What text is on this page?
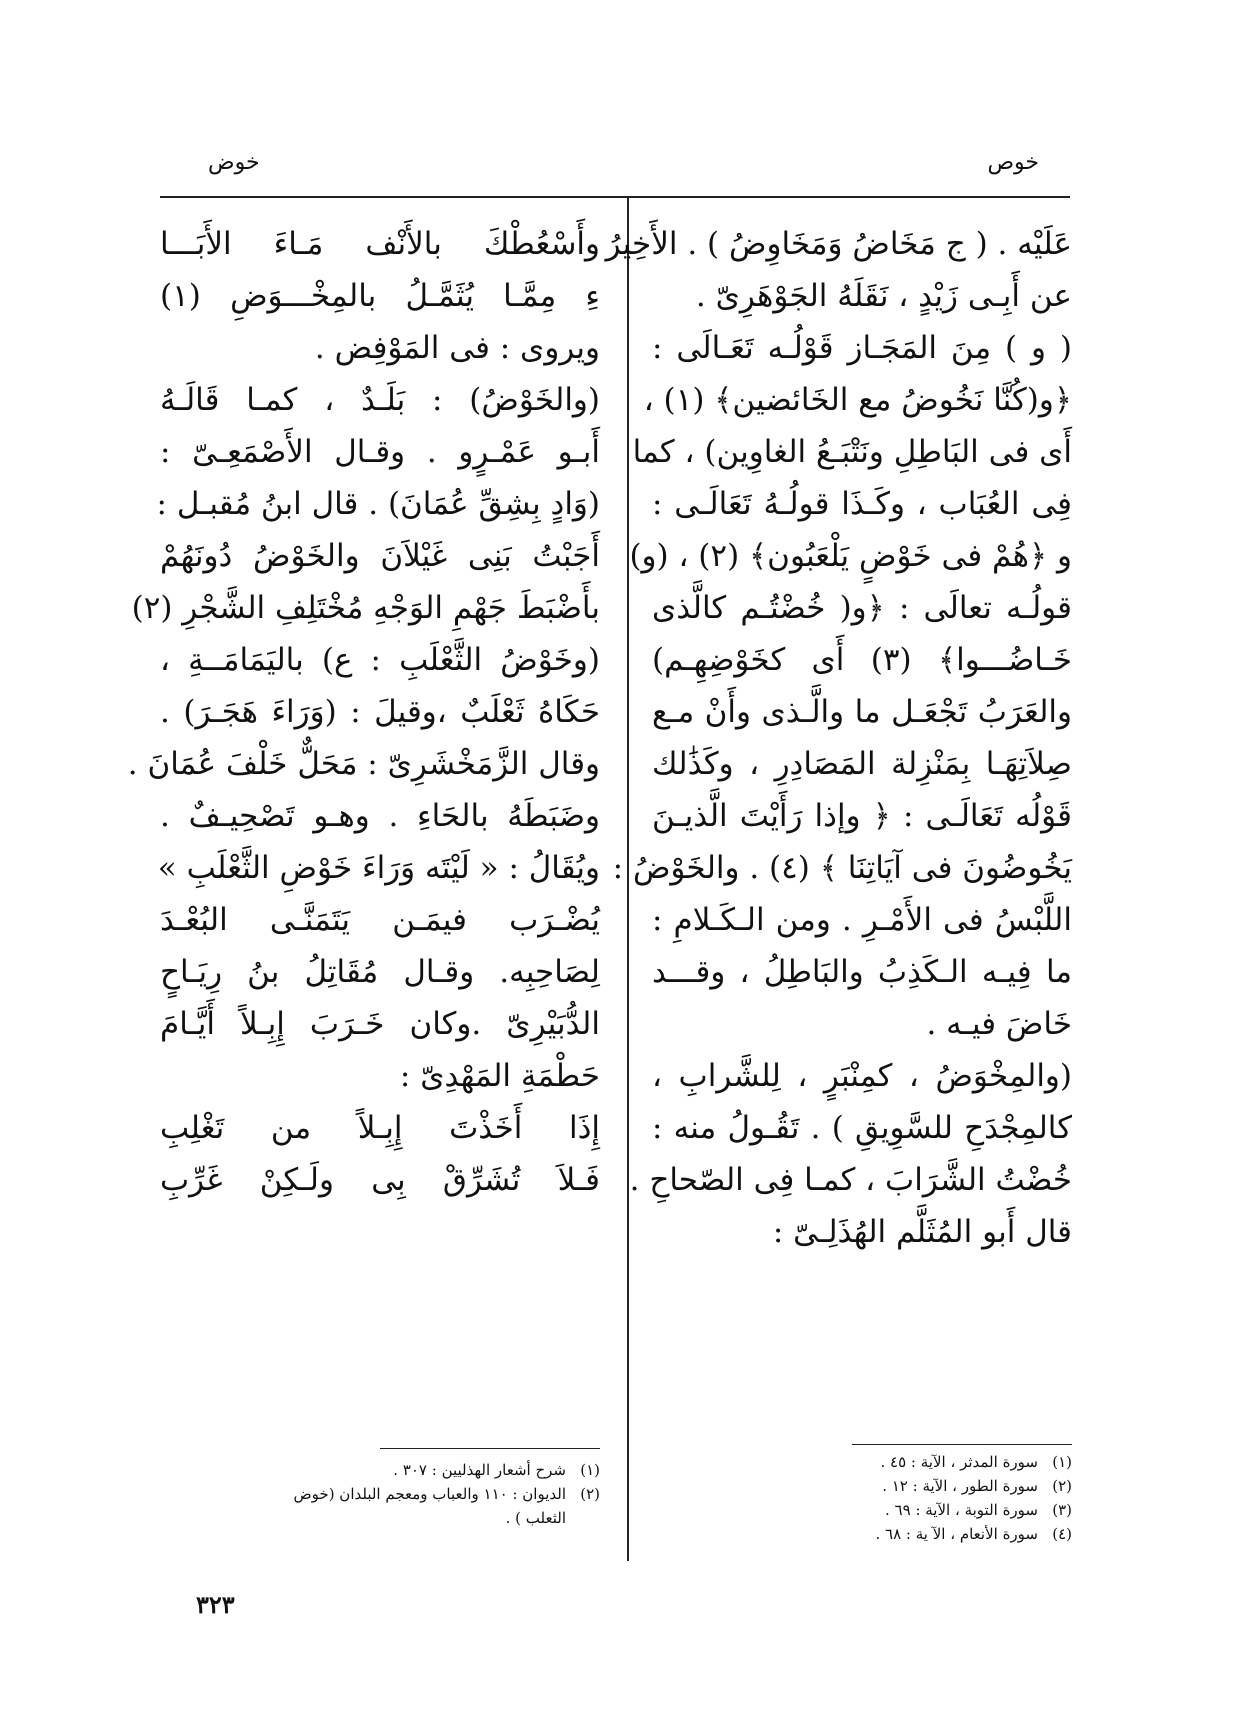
خوص
خوض
عَلَيْه . ( ج مَخَاضُ وَمَخَاوِضُ ) . الأَخِيرُ
عن أَبِـى زَيْدٍ ، نَقَلَهُ الجَوْهَرِىّ .
( و ) مِنَ المَجَـاز قَوْلُـه تَعَـالَى :
﴿و(كُنَّا نَخُوضُ مع الخَائضين﴾ (١) ،
أَى فى البَاطِلِ ونَتْبَـعُ الغاوِين) ، كما
فِى العُبَاب ، وكَـذَا قولُـهُ تَعَالَـى :
و ﴿هُمْ فى خَوْضٍ يَلْعَبُون﴾ (٢) ، (و)
قولُـه تعالَى : ﴿و( خُضْتُـم كالَّذى
خَـاضُـــوا﴾ (٣) أَى كخَوْضِهِـم)
والعَرَبُ تَجْعَـل ما والَّـذى وأَنْ مـع
صِلاَتِهَـا بِمَنْزِلة المَصَادِرِ ، وكَذَٰلك
قَوْلُه تَعَالَـى : ﴿ وإذا رَأَيْتَ الَّذيـنَ
يَخُوضُونَ فى آيَاتِنَا ﴾ (٤) . والخَوْضُ :
اللَّبْسُ فى الأَمْـرِ . ومن الـكَـلامِ :
ما فِيـه الـكَذِبُ والبَاطِلُ ، وقـــد
خَاضَ فيـه .
(والمِخْوَضُ ، كمِنْبَرٍ ، لِلشَّرابِ ،
كالمِجْدَحِ للسَّوِيقِ ) . تَقُـولُ منه :
خُضْتُ الشَّرَابَ ، كمـا فِى الصّحاحِ .
قال أَبو المُثَلَّم الهُذَلِـىّ :
(١)سورة المدثر ، الآية : ٤٥ .
(٢)سورة الطور ، الآية : ١٢ .
(٣)سورة التوبة ، الآية : ٦٩ .
(٤)سورة الأنعام ، الآ ية : ٦٨ .
وأَسْعُطْكَ بالأَنْف مَـاءَ الأَبَـــا
ءِ مِمَّـا يُثَمَّـلُ بالمِخْـــوَضِ (١)
ويروى : فى المَوْفِض .
(والخَوْضُ) : بَلَـدٌ ، كمـا قَالَـهُ
أَبـو عَمْـرٍو . وقـال الأَصْمَعِـىّ :
(وَادٍ بِشِقِّ عُمَانَ) . قال ابنُ مُقبـل :
أَجَبْتُ بَنِى غَيْلاَنَ والخَوْضُ دُونَهُمْ
بأَضْبَطَ جَهْمِ الوَجْهِ مُخْتَلِفِ الشَّجْرِ (٢)
(وخَوْضُ الثَّعْلَبِ : ع) باليَمَامَــةِ ،
حَكَاهُ ثَعْلَبٌ ،وقيلَ : (وَرَاءَ هَجَـرَ) .
وقال الزَّمَخْشَرِىّ : مَحَلٌّ خَلْفَ عُمَانَ .
وضَبَطَهُ بالحَاءِ . وهـو تَصْحِيـفٌ .
ويُقَالُ : « لَيْتَه وَرَاءَ خَوْضِ الثَّعْلَبِ »
يُضْـرَب فيمَـن يَتَمَنَّـى البُعْـدَ
لِصَاحِبِه. وقـال مُقَاتِلُ بنُ رِيَـاحٍ
الدُّبَيْرِىّ .وكان خَـرَبَ إِبِـلاً أَيَّـامَ
حَطْمَةِ المَهْدِىّ :
إِذَا أَخَذْتَ إِبِـلاً من تَغْلِبِ
فَـلاَ تُشَرِّقْ بِى ولَـكِنْ غَرِّبِ
(١)شرح أشعار الهذليين : ٣٠٧ .
(٢)الديوان : ١١٠ والعباب ومعجم البلدان (خوض
الثعلب ) .
٣٢٣
